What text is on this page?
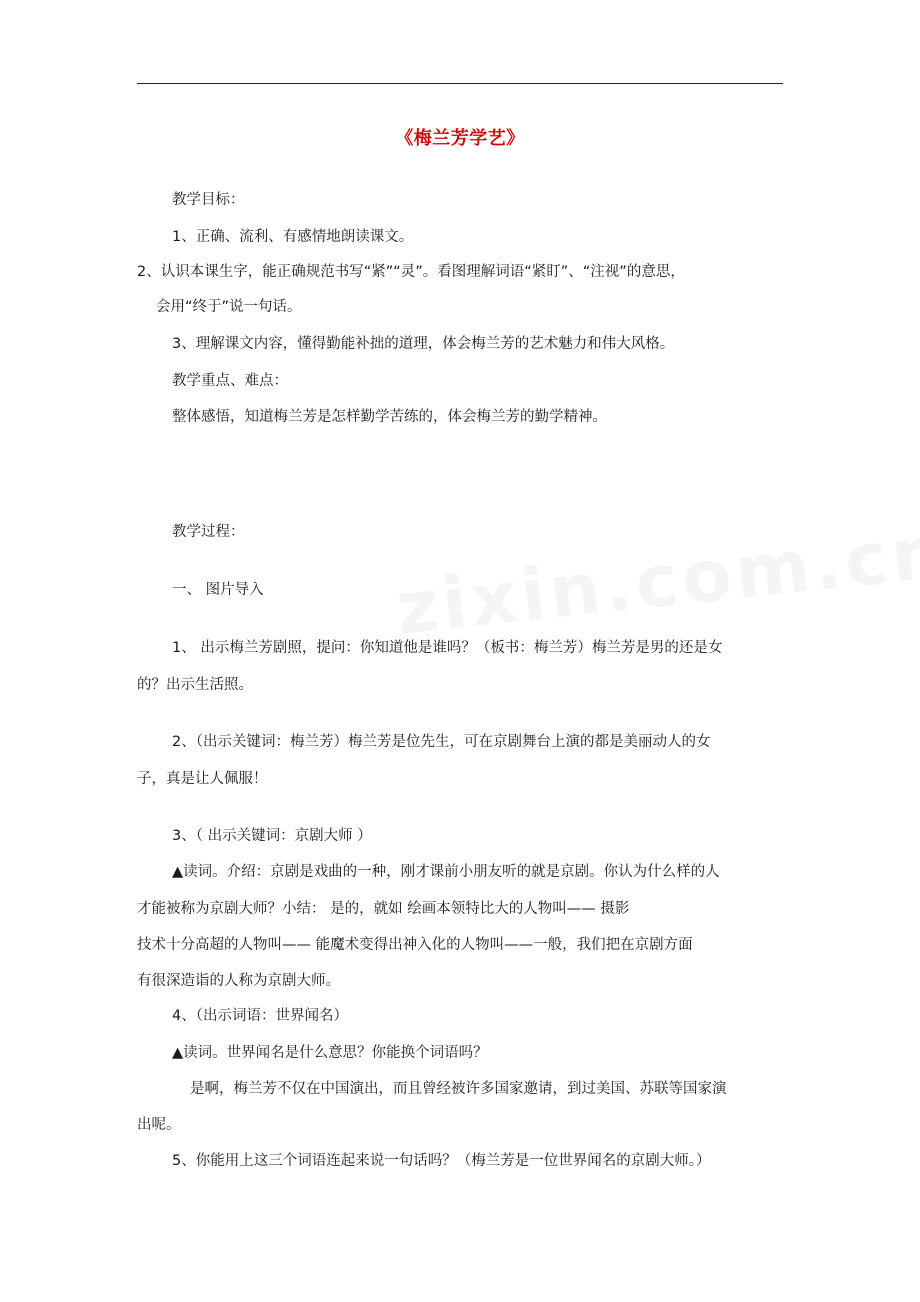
《梅兰芳学艺》
教学目标：
1、正确、流利、有感情地朗读课文。
2、认识本课生字，能正确规范书写“紧”“灵”。看图理解词语“紧盯”、“注视”的意思，
会用“终于”说一句话。
3、理解课文内容，懂得勤能补拙的道理，体会梅兰芳的艺术魅力和伟大风格。
教学重点、难点：
整体感悟，知道梅兰芳是怎样勤学苦练的，体会梅兰芳的勤学精神。
教学过程：
一、 图片导入
1、 出示梅兰芳剧照，提问：你知道他是谁吗？（板书：梅兰芳）梅兰芳是男的还是女
的？出示生活照。
2、（出示关键词：梅兰芳）梅兰芳是位先生，可在京剧舞台上演的都是美丽动人的女
子，真是让人佩服！
3、（ 出示关键词：京剧大师 ）
▲读词。介绍：京剧是戏曲的一种，刚才课前小朋友听的就是京剧。你认为什么样的人
才能被称为京剧大师？小结： 是的，就如 绘画本领特比大的人物叫—— 摄影
技术十分高超的人物叫—— 能魔术变得出神入化的人物叫——一般，我们把在京剧方面
有很深造诣的人称为京剧大师。
4、（出示词语：世界闻名）
▲读词。世界闻名是什么意思？你能换个词语吗？
是啊，梅兰芳不仅在中国演出，而且曾经被许多国家邀请，到过美国、苏联等国家演
出呢。
5、你能用上这三个词语连起来说一句话吗？（梅兰芳是一位世界闻名的京剧大师。）
